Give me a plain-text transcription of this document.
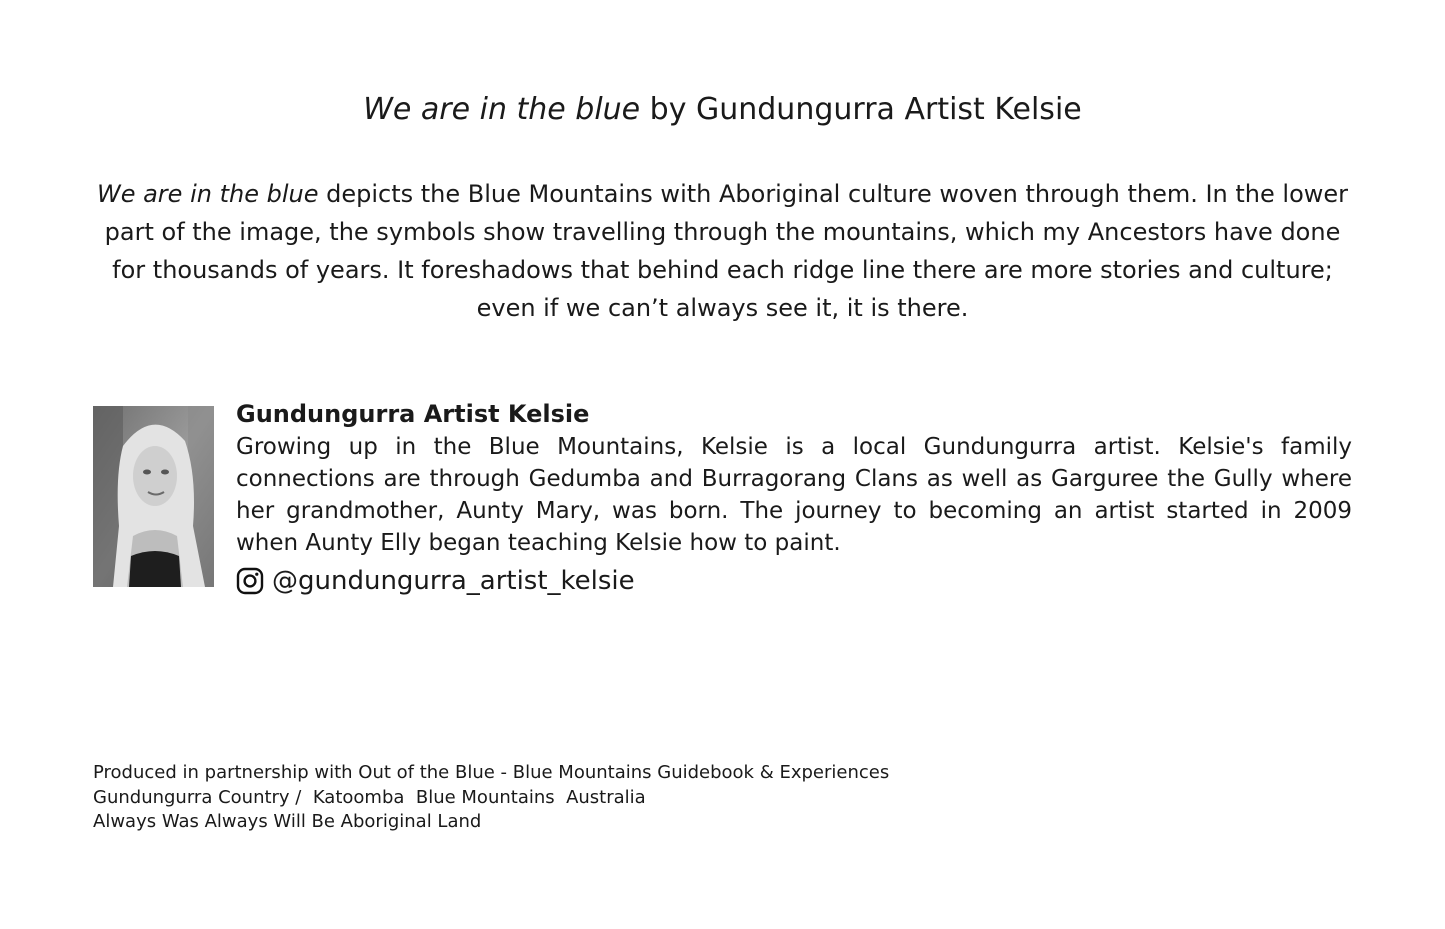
We are in the blue by Gundungurra Artist Kelsie
We are in the blue depicts the Blue Mountains with Aboriginal culture woven through them. In the lower part of the image, the symbols show travelling through the mountains, which my Ancestors have done for thousands of years. It foreshadows that behind each ridge line there are more stories and culture; even if we can’t always see it, it is there.
Gundungurra Artist Kelsie
Growing up in the Blue Mountains, Kelsie is a local Gundungurra artist. Kelsie's family connections are through Gedumba and Burragorang Clans as well as Garguree the Gully where her grandmother, Aunty Mary, was born. The journey to becoming an artist started in 2009 when Aunty Elly began teaching Kelsie how to paint.
@gundungurra_artist_kelsie
Produced in partnership with Out of the Blue - Blue Mountains Guidebook & Experiences
Gundungurra Country /  Katoomba  Blue Mountains  Australia
Always Was Always Will Be Aboriginal Land
